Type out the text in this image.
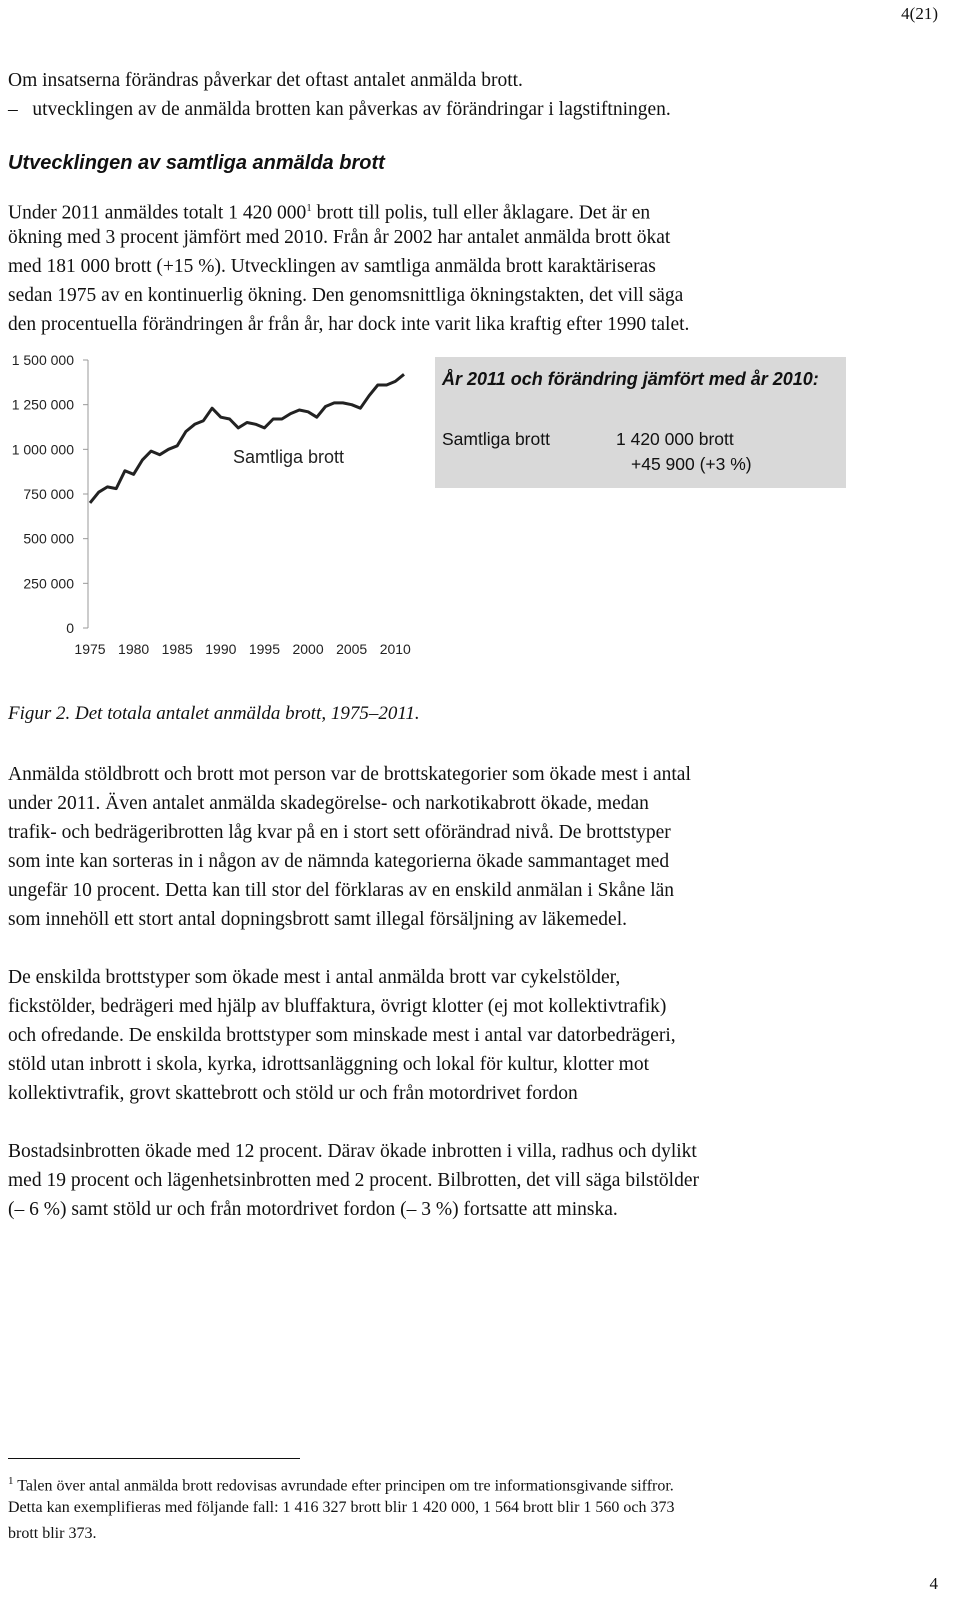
4(21)
Om insatserna förändras påverkar det oftast antalet anmälda brott.
– utvecklingen av de anmälda brotten kan påverkas av förändringar i lagstiftningen.
Utvecklingen av samtliga anmälda brott
Under 2011 anmäldes totalt 1 420 $000^1$ brott till polis, tull eller åklagare. Det är en
ökning med 3 procent jämfört med 2010. Från år 2002 har antalet anmälda brott ökat
med 181 000 brott (+15 %). Utvecklingen av samtliga anmälda brott karaktäriseras
sedan 1975 av en kontinuerlig ökning. Den genomsnittliga ökningstakten, det vill säga
den procentuella förändringen år från år, har dock inte varit lika kraftig efter 1990 talet.
1 500 000
1 250 000
1 000 000
750 000
500 000
250 000
0
1975 1980 1985 1990 1995 2000 2005 2010
Samtliga brott
År 2011 och förändring jämfört med år 2010:
Samtliga brott	1 420 000 brott
+45 900 (+3 %)
Figur 2. Det totala antalet anmälda brott, 1975–2011.
Anmälda stöldbrott och brott mot person var de brottskategorier som ökade mest i antal
under 2011. Även antalet anmälda skadegörelse- och narkotikabrott ökade, medan
trafik- och bedrägeribrotten låg kvar på en i stort sett oförändrad nivå. De brottstyper
som inte kan sorteras in i någon av de nämnda kategorierna ökade sammantaget med
ungefär 10 procent. Detta kan till stor del förklaras av en enskild anmälan i Skåne län
som innehöll ett stort antal dopningsbrott samt illegal försäljning av läkemedel.
De enskilda brottstyper som ökade mest i antal anmälda brott var cykelstölder,
fickstölder, bedrägeri med hjälp av bluffaktura, övrigt klotter (ej mot kollektivtrafik)
och ofredande. De enskilda brottstyper som minskade mest i antal var datorbedrägeri,
stöld utan inbrott i skola, kyrka, idrottsanläggning och lokal för kultur, klotter mot
kollektivtrafik, grovt skattebrott och stöld ur och från motordrivet fordon
Bostadsinbrotten ökade med 12 procent. Därav ökade inbrotten i villa, radhus och dylikt
med 19 procent och lägenhetsinbrotten med 2 procent. Bilbrotten, det vill säga bilstölder
(– 6 %) samt stöld ur och från motordrivet fordon (– 3 %) fortsatte att minska.
$^1$ Talen över antal anmälda brott redovisas avrundade efter principen om tre informationsgivande siffror.
Detta kan exemplifieras med följande fall: 1 416 327 brott blir 1 420 000, 1 564 brott blir 1 560 och 373
brott blir 373.
4
